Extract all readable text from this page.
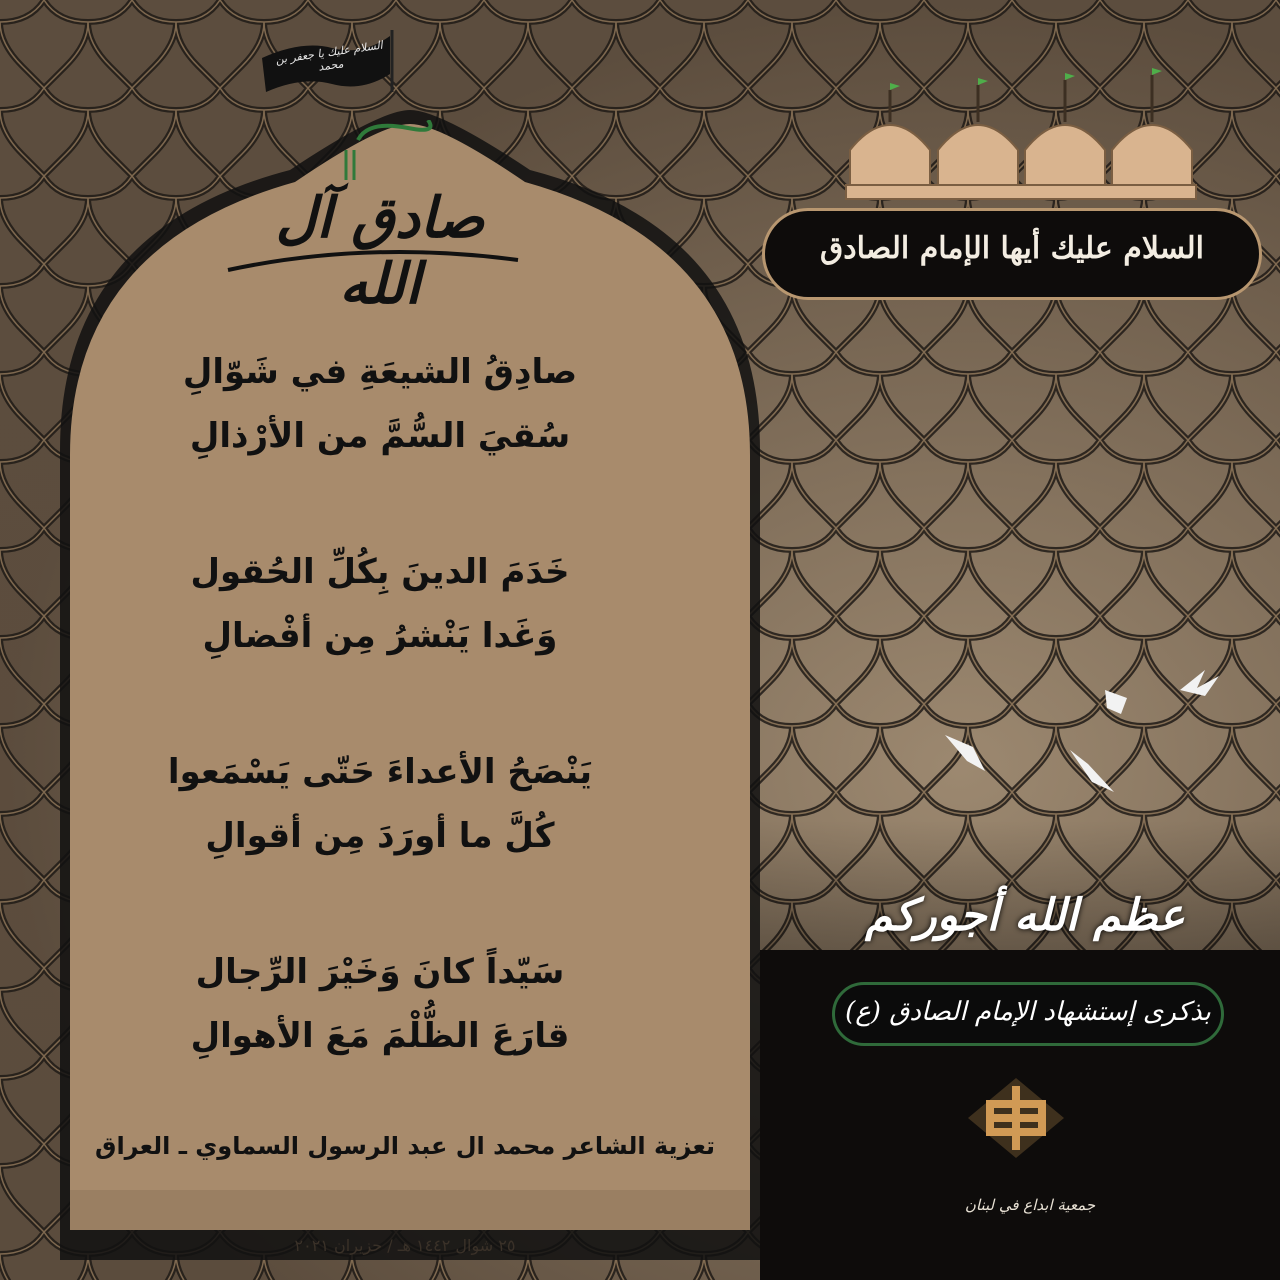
السلام عليك يا جعفر بن محمد
صادق آل الله
صادِقُ الشيعَةِ في شَوّالِ
سُقيَ السُّمَّ من الأرْذالِ
خَدَمَ الدينَ بِكُلِّ الحُقول
وَغَدا يَنْشرُ مِن أفْضالِ
يَنْصَحُ الأعداءَ حَتّى يَسْمَعوا
كُلَّ ما أورَدَ مِن أقوالِ
سَيّداً كانَ وَخَيْرَ الرِّجال
قارَعَ الظُّلْمَ مَعَ الأهوالِ
تعزية الشاعر محمد ال عبد الرسول السماوي ـ العراق
٢٥ شوال ١٤٤٢ هـ / حزيران ٢٠٢١
السلام عليك أيها الإمام الصادق
عظم الله أجوركم
بذكرى إستشهاد الإمام الصادق (ع)
جمعية ابداع في لبنان
